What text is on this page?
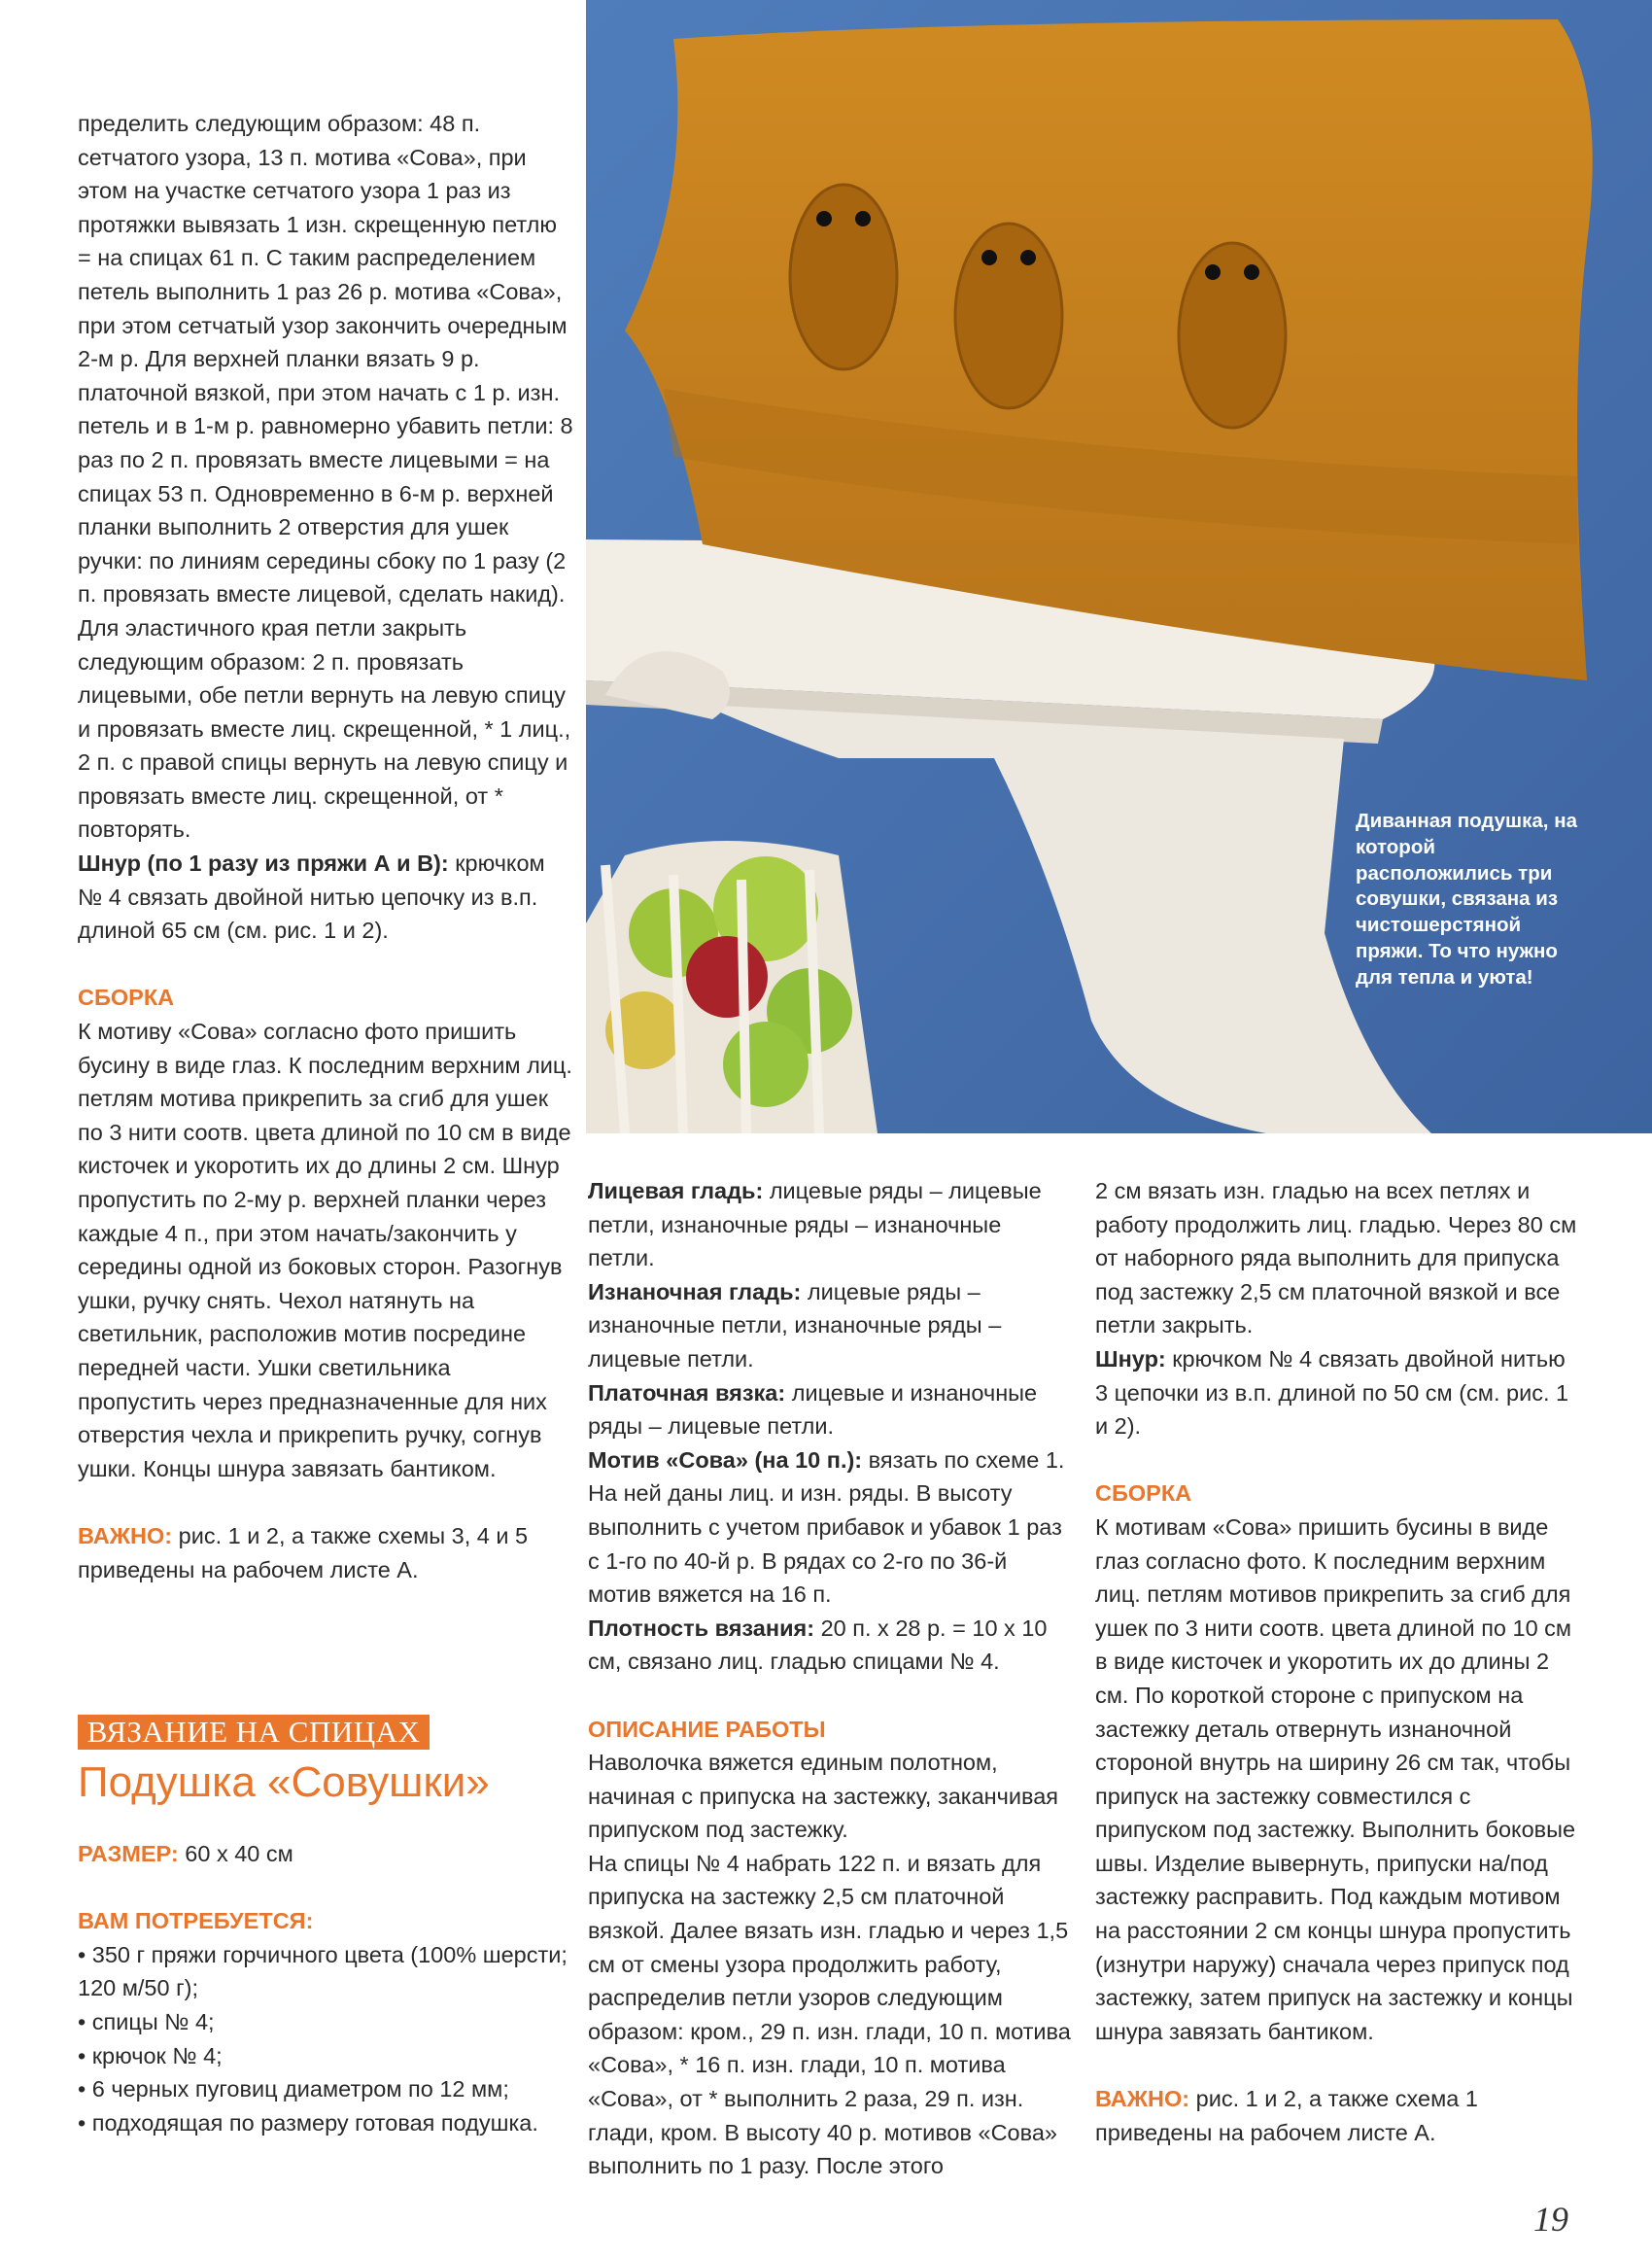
Диванная подушка, на которой расположились три совушки, связана из чистошерстяной пряжи. То что нужно для тепла и уюта!

пределить следующим образом: 48 п. сетчатого узора, 13 п. мотива «Сова», при этом на участке сетчатого узора 1 раз из протяжки вывязать 1 изн. скрещенную петлю = на спицах 61 п. С таким распределением петель выполнить 1 раз 26 р. мотива «Сова», при этом сетчатый узор закончить очередным 2-м р. Для верхней планки вязать 9 р. платочной вязкой, при этом начать с 1 р. изн. петель и в 1-м р. равномерно убавить петли: 8 раз по 2 п. провязать вместе лицевыми = на спицах 53 п. Одновременно в 6-м р. верхней планки выполнить 2 отверстия для ушек ручки: по линиям середины сбоку по 1 разу (2 п. провязать вместе лицевой, сделать накид). Для эластичного края петли закрыть следующим образом: 2 п. провязать лицевыми, обе петли вернуть на левую спицу и провязать вместе лиц. скрещенной, * 1 лиц., 2 п. с правой спицы вернуть на левую спицу и провязать вместе лиц. скрещенной, от * повторять.

Шнур (по 1 разу из пряжи А и В): крючком № 4 связать двойной нитью цепочку из в.п. длиной 65 см (см. рис. 1 и 2).

СБОРКА

К мотиву «Сова» согласно фото пришить бусину в виде глаз. К последним верхним лиц. петлям мотива прикрепить за сгиб для ушек по 3 нити соотв. цвета длиной по 10 см в виде кисточек и укоротить их до длины 2 см. Шнур пропустить по 2-му р. верхней планки через каждые 4 п., при этом начать/закончить у середины одной из боковых сторон. Разогнув ушки, ручку снять. Чехол натянуть на светильник, расположив мотив посредине передней части. Ушки светильника пропустить через предназначенные для них отверстия чехла и прикрепить ручку, согнув ушки. Концы шнура завязать бантиком.

ВАЖНО: рис. 1 и 2, а также схемы 3, 4 и 5 приведены на рабочем листе А.

ВЯЗАНИЕ НА СПИЦАХ
Подушка «Совушки»

РАЗМЕР: 60 х 40 см

ВАМ ПОТРЕБУЕТСЯ:

• 350 г пряжи горчичного цвета (100% шерсти; 120 м/50 г);
• спицы № 4;
• крючок № 4;
• 6 черных пуговиц диаметром по 12 мм;
• подходящая по размеру готовая подушка.

Лицевая гладь: лицевые ряды – лицевые петли, изнаночные ряды – изнаночные петли.

Изнаночная гладь: лицевые ряды – изнаночные петли, изнаночные ряды – лицевые петли.

Платочная вязка: лицевые и изнаночные ряды – лицевые петли.

Мотив «Сова» (на 10 п.): вязать по схеме 1. На ней даны лиц. и изн. ряды. В высоту выполнить с учетом прибавок и убавок 1 раз с 1-го по 40-й р. В рядах со 2-го по 36-й мотив вяжется на 16 п.

Плотность вязания: 20 п. х 28 р. = 10 х 10 см, связано лиц. гладью спицами № 4.

ОПИСАНИЕ РАБОТЫ

Наволочка вяжется единым полотном, начиная с припуска на застежку, заканчивая припуском под застежку.

На спицы № 4 набрать 122 п. и вязать для припуска на застежку 2,5 см платочной вязкой. Далее вязать изн. гладью и через 1,5 см от смены узора продолжить работу, распределив петли узоров следующим образом: кром., 29 п. изн. глади, 10 п. мотива «Сова», * 16 п. изн. глади, 10 п. мотива «Сова», от * выполнить 2 раза, 29 п. изн. глади, кром. В высоту 40 р. мотивов «Сова» выполнить по 1 разу. После этого

2 см вязать изн. гладью на всех петлях и работу продолжить лиц. гладью. Через 80 см от наборного ряда выполнить для припуска под застежку 2,5 см платочной вязкой и все петли закрыть.

Шнур: крючком № 4 связать двойной нитью 3 цепочки из в.п. длиной по 50 см (см. рис. 1 и 2).

СБОРКА

К мотивам «Сова» пришить бусины в виде глаз согласно фото. К последним верхним лиц. петлям мотивов прикрепить за сгиб для ушек по 3 нити соотв. цвета длиной по 10 см в виде кисточек и укоротить их до длины 2 см. По короткой стороне с припуском на застежку деталь отвернуть изнаночной стороной внутрь на ширину 26 см так, чтобы припуск на застежку совместился с припуском под застежку. Выполнить боковые швы. Изделие вывернуть, припуски на/под застежку расправить. Под каждым мотивом на расстоянии 2 см концы шнура пропустить (изнутри наружу) сначала через припуск под застежку, затем припуск на застежку и концы шнура завязать бантиком.

ВАЖНО: рис. 1 и 2, а также схема 1 приведены на рабочем листе А.

19
